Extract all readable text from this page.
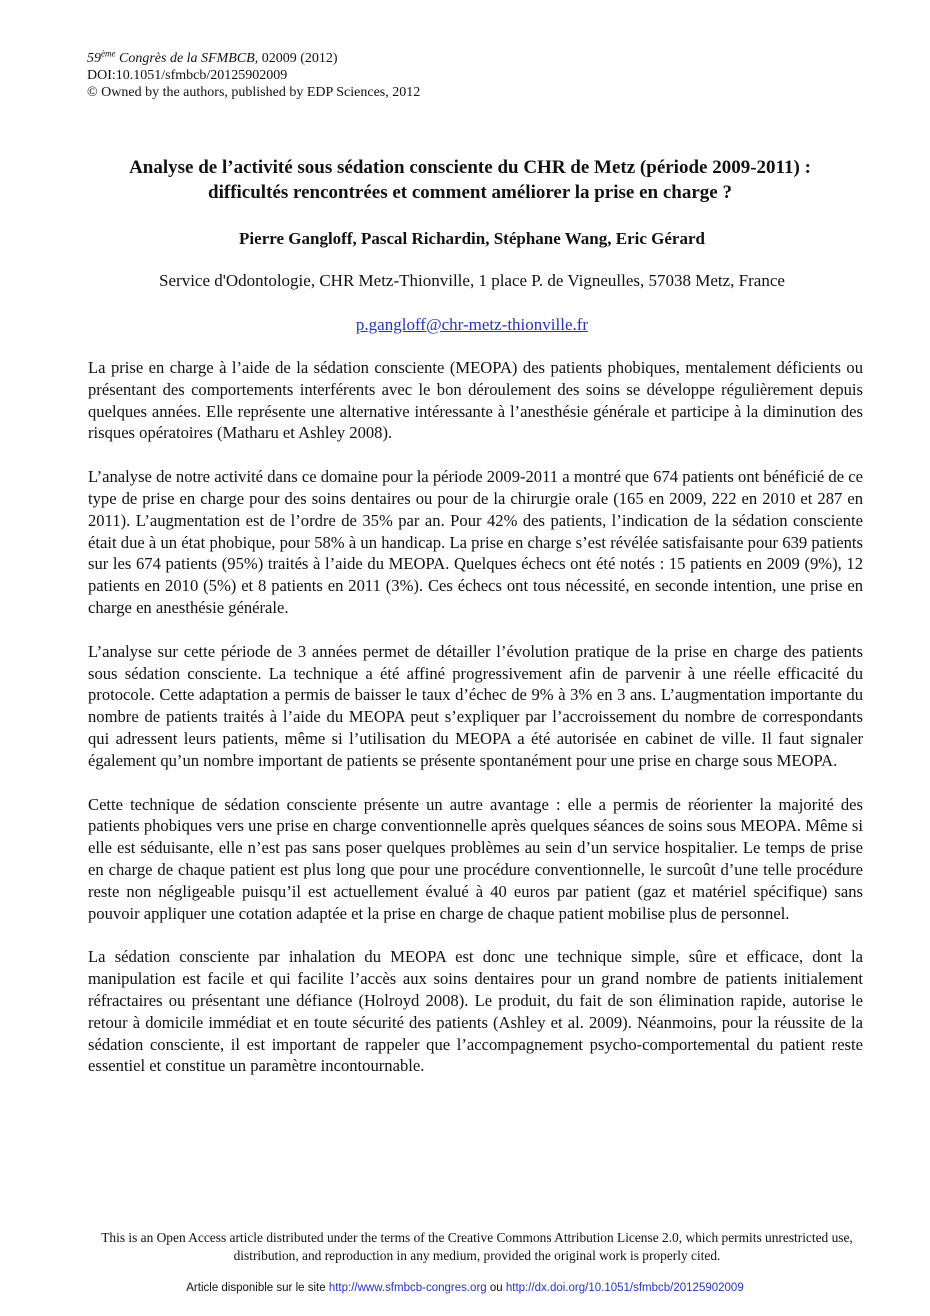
59ème Congrès de la SFMBCB, 02009 (2012)
DOI:10.1051/sfmbcb/20125902009
© Owned by the authors, published by EDP Sciences, 2012
Analyse de l’activité sous sédation consciente du CHR de Metz (période 2009-2011) : difficultés rencontrées et comment améliorer la prise en charge ?
Pierre Gangloff, Pascal Richardin, Stéphane Wang, Eric Gérard
Service d'Odontologie, CHR Metz-Thionville, 1 place P. de Vigneulles, 57038 Metz, France
p.gangloff@chr-metz-thionville.fr

La prise en charge à l’aide de la sédation consciente (MEOPA) des patients phobiques, mentalement déficients ou présentant des comportements interférents avec le bon déroulement des soins se développe régulièrement depuis quelques années. Elle représente une alternative intéressante à l’anesthésie générale et participe à la diminution des risques opératoires (Matharu et Ashley 2008).

L’analyse de notre activité dans ce domaine pour la période 2009-2011 a montré que 674 patients ont bénéficié de ce type de prise en charge pour des soins dentaires ou pour de la chirurgie orale (165 en 2009, 222 en 2010 et 287 en 2011). L’augmentation est de l’ordre de 35% par an. Pour 42% des patients, l’indication de la sédation consciente était due à un état phobique, pour 58% à un handicap. La prise en charge s’est révélée satisfaisante pour 639 patients sur les 674 patients (95%) traités à l’aide du MEOPA. Quelques échecs ont été notés : 15 patients en 2009 (9%), 12 patients en 2010 (5%) et 8 patients en 2011 (3%). Ces échecs ont tous nécessité, en seconde intention, une prise en charge en anesthésie générale.

L’analyse sur cette période de 3 années permet de détailler l’évolution pratique de la prise en charge des patients sous sédation consciente. La technique a été affiné progressivement afin de parvenir à une réelle efficacité du protocole. Cette adaptation a permis de baisser le taux d’échec de 9% à 3% en 3 ans. L’augmentation importante du nombre de patients traités à l’aide du MEOPA peut s’expliquer par l’accroissement du nombre de correspondants qui adressent leurs patients, même si l’utilisation du MEOPA a été autorisée en cabinet de ville. Il faut signaler également qu’un nombre important de patients se présente spontanément pour une prise en charge sous MEOPA.

Cette technique de sédation consciente présente un autre avantage : elle a permis de réorienter la majorité des patients phobiques vers une prise en charge conventionnelle après quelques séances de soins sous MEOPA. Même si elle est séduisante, elle n’est pas sans poser quelques problèmes au sein d’un service hospitalier. Le temps de prise en charge de chaque patient est plus long que pour une procédure conventionnelle, le surcoût d’une telle procédure reste non négligeable puisqu’il est actuellement évalué à 40 euros par patient (gaz et matériel spécifique) sans pouvoir appliquer une cotation adaptée et la prise en charge de chaque patient mobilise plus de personnel.

La sédation consciente par inhalation du MEOPA est donc une technique simple, sûre et efficace, dont la manipulation est facile et qui facilite l’accès aux soins dentaires pour un grand nombre de patients initialement réfractaires ou présentant une défiance (Holroyd 2008). Le produit, du fait de son élimination rapide, autorise le retour à domicile immédiat et en toute sécurité des patients (Ashley et al. 2009). Néanmoins, pour la réussite de la sédation consciente, il est important de rappeler que l’accompagnement psycho-comportemental du patient reste essentiel et constitue un paramètre incontournable.

This is an Open Access article distributed under the terms of the Creative Commons Attribution License 2.0, which permits unrestricted use, distribution, and reproduction in any medium, provided the original work is properly cited.
Article disponible sur le site http://www.sfmbcb-congres.org ou http://dx.doi.org/10.1051/sfmbcb/20125902009
